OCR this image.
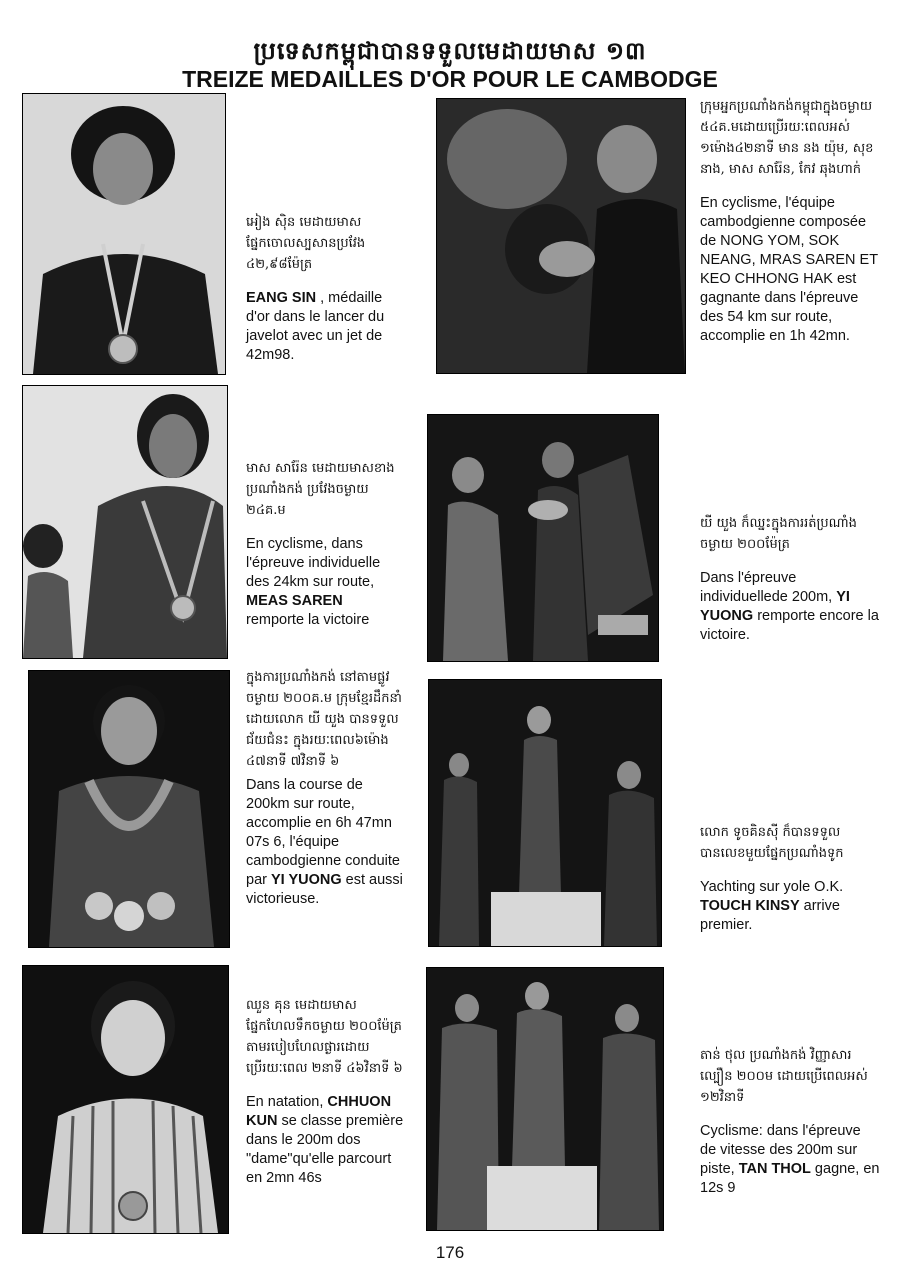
ប្រទេសកម្ពុជាបានទទួលមេដាយមាស ១៣
TREIZE MEDAILLES D'OR POUR LE CAMBODGE
អៀង ស៊ិន មេដាយមាស ផ្នែកចោលស្បសានប្រវែង ៤២,៩៨ម៉ែត្រ
EANG SIN , médaille d'or dans le lancer du javelot avec un jet de 42m98.
ក្រុមអ្នកប្រណាំងកង់កម្ពុជាក្នុងចម្ងាយ ៥៤គ.មដោយប្រើរយៈពេលអស់ ១ម៉ោង៤២នាទី មាន នង យ៉ុម, សុខ នាង, មាស សារ៉ែន, កែវ ឆុងហាក់
En cyclisme, l'équipe cambodgienne composée de NONG YOM, SOK NEANG, MRAS SAREN ET KEO CHHONG HAK est gagnante dans l'épreuve des 54 km sur route, accomplie en 1h 42mn.
មាស សារ៉ែន មេដាយមាសខាងប្រណាំងកង់ ប្រវែងចម្ងាយ ២៤គ.ម
En cyclisme, dans l'épreuve individuelle des 24km sur route, MEAS SAREN remporte la victoire
យី យួង ក៏ឈ្នះក្នុងការរត់ប្រណាំងចម្ងាយ ២០០ម៉ែត្រ
Dans l'épreuve individuellede 200m, YI YUONG remporte encore la victoire.
ក្នុងការប្រណាំងកង់ នៅតាមផ្លូវចម្ងាយ ២០០គ.ម ក្រុមខ្មែរដឹកនាំដោយលោក យី យួង បានទទួលជ័យជំនះ ក្នុងរយៈពេល៦ម៉ោង ៤៧នាទី ៧វិនាទី ៦
Dans la course de 200km sur route, accomplie en 6h 47mn 07s 6, l'équipe cambodgienne conduite par YI YUONG est aussi victorieuse.
លោក ទូចគិនស៊ី ក៏បានទទួលបានលេខមួយផ្នែកប្រណាំងទូក
Yachting sur yole O.K. TOUCH KINSY arrive premier.
ឈួន គុន មេដាយមាស ផ្នែកហែលទឹកចម្ងាយ ២០០ម៉ែត្រតាមរបៀបហែលផ្ងារដោយប្រើរយៈពេល ២នាទី ៤៦វិនាទី ៦
En natation, CHHUON KUN se classe première dans le 200m dos "dame"qu'elle parcourt en 2mn 46s
តាន់ ថុល ប្រណាំងកង់ វិញ្ញាសារល្បឿន ២០០ម ដោយប្រើពេលអស់ ១២វិនាទី
Cyclisme: dans l'épreuve de vitesse des 200m sur piste, TAN THOL gagne, en 12s 9
176
